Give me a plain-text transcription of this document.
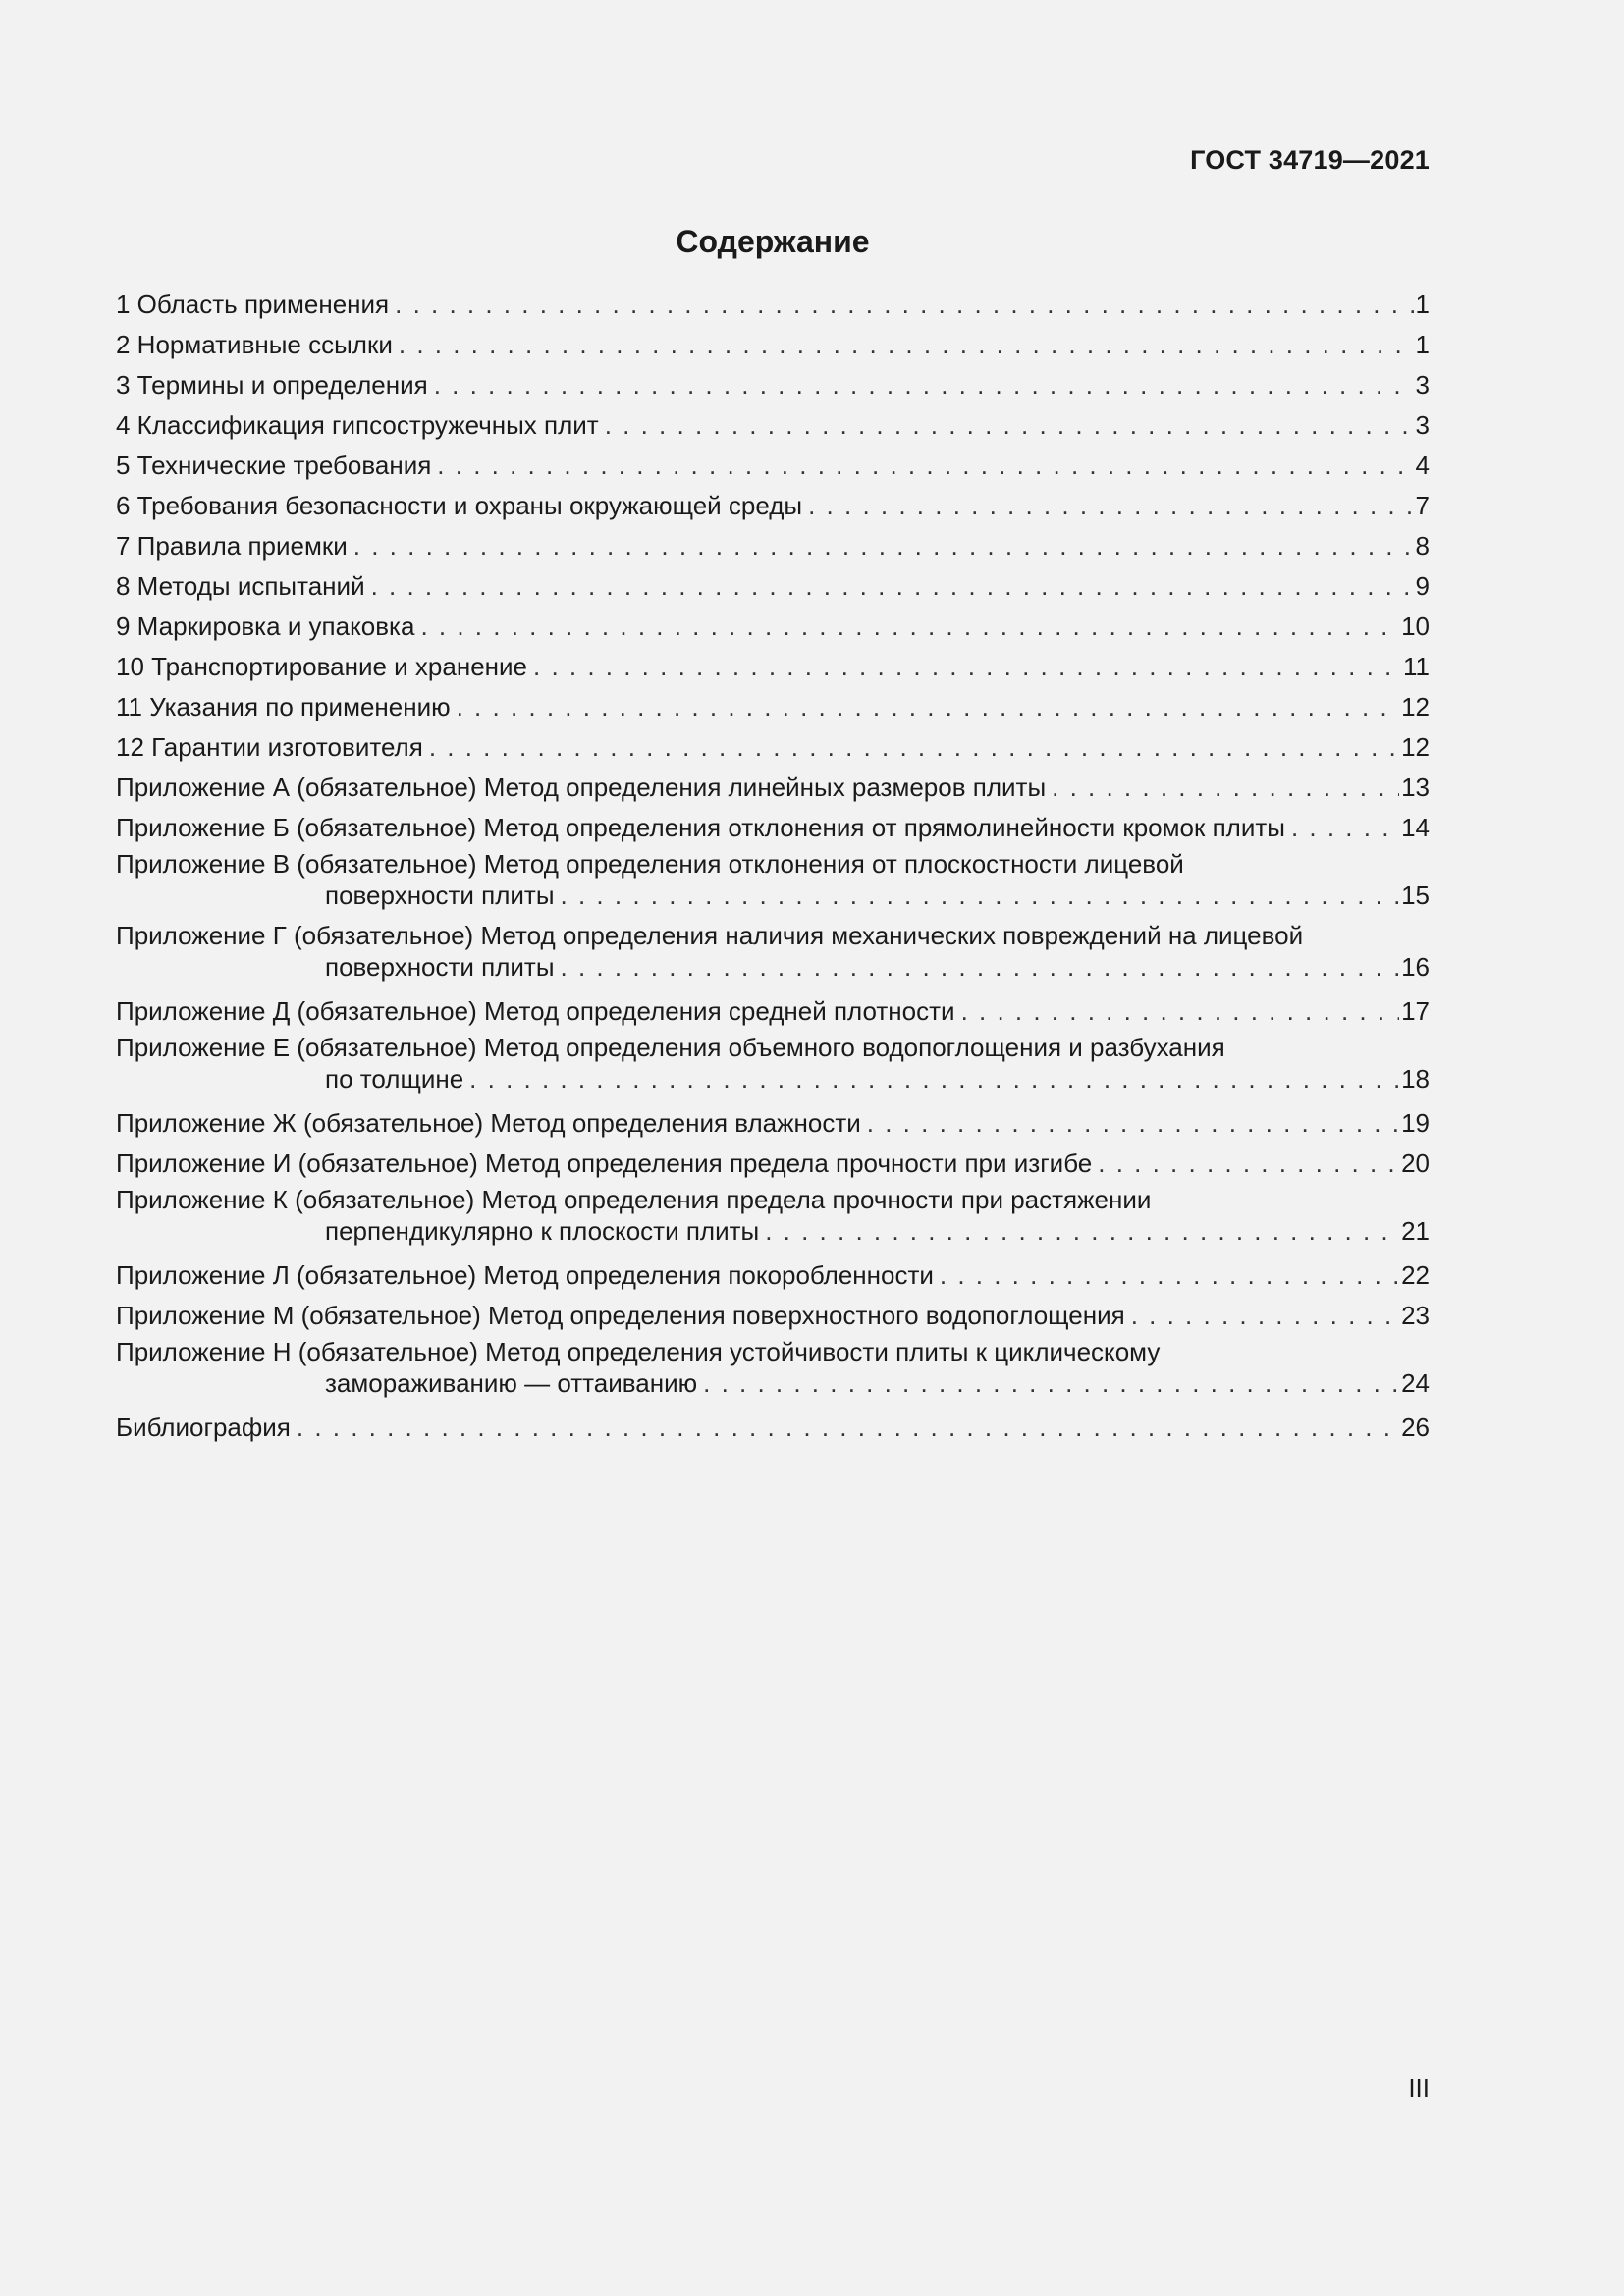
ГОСТ 34719—2021
Содержание
1 Область применения . . .	1
2 Нормативные ссылки . . .	1
3 Термины и определения . . .	3
4 Классификация гипсостружечных плит . . .	3
5 Технические требования . . .	4
6 Требования безопасности и охраны окружающей среды . . .	7
7 Правила приемки . . .	8
8 Методы испытаний . . .	9
9 Маркировка и упаковка . . .	10
10 Транспортирование и хранение . . .	11
11 Указания по применению . . .	12
12 Гарантии изготовителя . . .	12
Приложение А (обязательное) Метод определения линейных размеров плиты . . .	13
Приложение Б (обязательное) Метод определения отклонения от прямолинейности кромок плиты . . .	14
Приложение В (обязательное) Метод определения отклонения от плоскостности лицевой
поверхности плиты . . .	15
Приложение Г (обязательное) Метод определения наличия механических повреждений на лицевой
поверхности плиты . . .	16
Приложение Д (обязательное) Метод определения средней плотности . . .	17
Приложение Е (обязательное) Метод определения объемного водопоглощения и разбухания
по толщине . . .	18
Приложение Ж (обязательное) Метод определения влажности . . .	19
Приложение И (обязательное) Метод определения предела прочности при изгибе . . .	20
Приложение К (обязательное) Метод определения предела прочности при растяжении
перпендикулярно к плоскости плиты . . .	21
Приложение Л (обязательное) Метод определения покоробленности . . .	22
Приложение М (обязательное) Метод определения поверхностного водопоглощения . . .	23
Приложение Н (обязательное) Метод определения устойчивости плиты к циклическому
замораживанию — оттаиванию . . .	24
Библиография . . .	26
III
